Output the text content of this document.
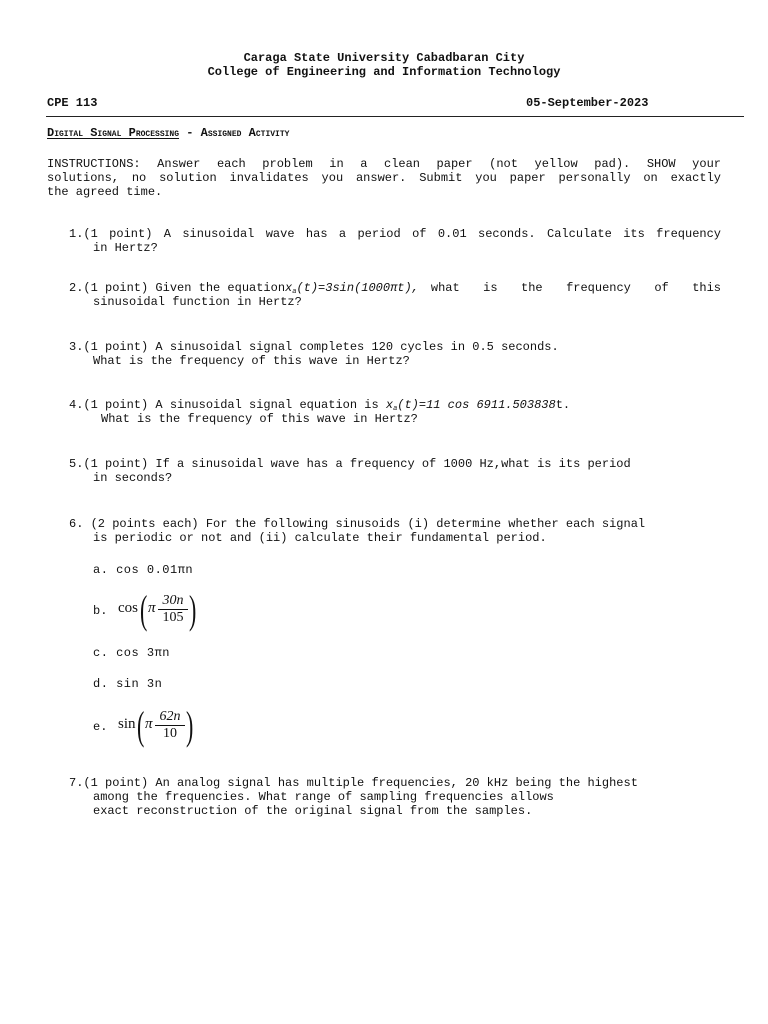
Caraga State University Cabadbaran City
College of Engineering and Information Technology
CPE 113	05-September-2023
Digital Signal Processing - Assigned Activity
INSTRUCTIONS: Answer each problem in a clean paper (not yellow pad). SHOW your
solutions, no solution invalidates you answer. Submit you paper personally on exactly
the agreed time.
1.(1 point) A sinusoidal wave has a period of 0.01 seconds. Calculate its frequency
in Hertz?
2.(1 point) Given the equation $x_a(t)=3\sin(1000\pi t)$, what is the frequency of this
sinusoidal function in Hertz?
3.(1 point) A sinusoidal signal completes 120 cycles in 0.5 seconds.
What is the frequency of this wave in Hertz?
4.(1 point) A sinusoidal signal equation is $x_a(t)=11$ cos 6911.503838t.
What is the frequency of this wave in Hertz?
5.(1 point) If a sinusoidal wave has a frequency of 1000 Hz,what is its period
in seconds?
6. (2 points each) For the following sinusoids (i) determine whether each signal
is periodic or not and (ii) calculate their fundamental period.
a. cos 0.01πn
b. cos ( π $\frac{30n}{105}$ )
c. cos 3πn
d. sin 3n
e. sin ( π $\frac{62n}{10}$ )
7.(1 point) An analog signal has multiple frequencies, 20 kHz being the highest
among the frequencies. What range of sampling frequencies allows
exact reconstruction of the original signal from the samples.
